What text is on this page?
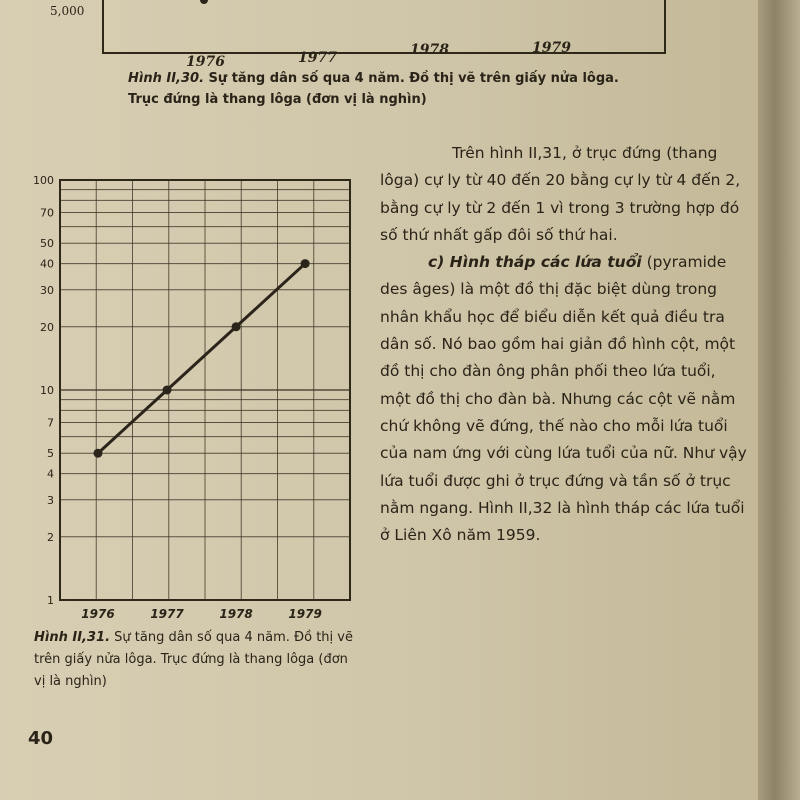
5,000
1976	1977	1978	1979
Hình II,30. Sự tăng dân số qua 4 năm. Đồ thị vẽ trên giấy nửa lôga. Trục đứng là thang lôga (đơn vị là nghìn)
1
2
3
4
5
7
10
20
30
40
50
70
100
1976	1977	1978	1979
Hình II,31. Sự tăng dân số qua 4 năm. Đồ thị vẽ trên giấy nửa lôga. Trục đứng là thang lôga (đơn vị là nghìn)
40

Trên hình II,31, ở trục đứng (thang lôga) cự ly từ 40 đến 20 bằng cự ly từ 4 đến 2, bằng cự ly từ 2 đến 1 vì trong 3 trường hợp đó số thứ nhất gấp đôi số thứ hai.

c) Hình tháp các lứa tuổi (pyramide des âges) là một đồ thị đặc biệt dùng trong nhân khẩu học để biểu diễn kết quả điều tra dân số. Nó bao gồm hai giản đồ hình cột, một đồ thị cho đàn ông phân phối theo lứa tuổi, một đồ thị cho đàn bà. Nhưng các cột vẽ nằm chứ không vẽ đứng, thế nào cho mỗi lứa tuổi của nam ứng với cùng lứa tuổi của nữ. Như vậy lứa tuổi được ghi ở trục đứng và tần số ở trục nằm ngang. Hình II,32 là hình tháp các lứa tuổi ở Liên Xô năm 1959.
